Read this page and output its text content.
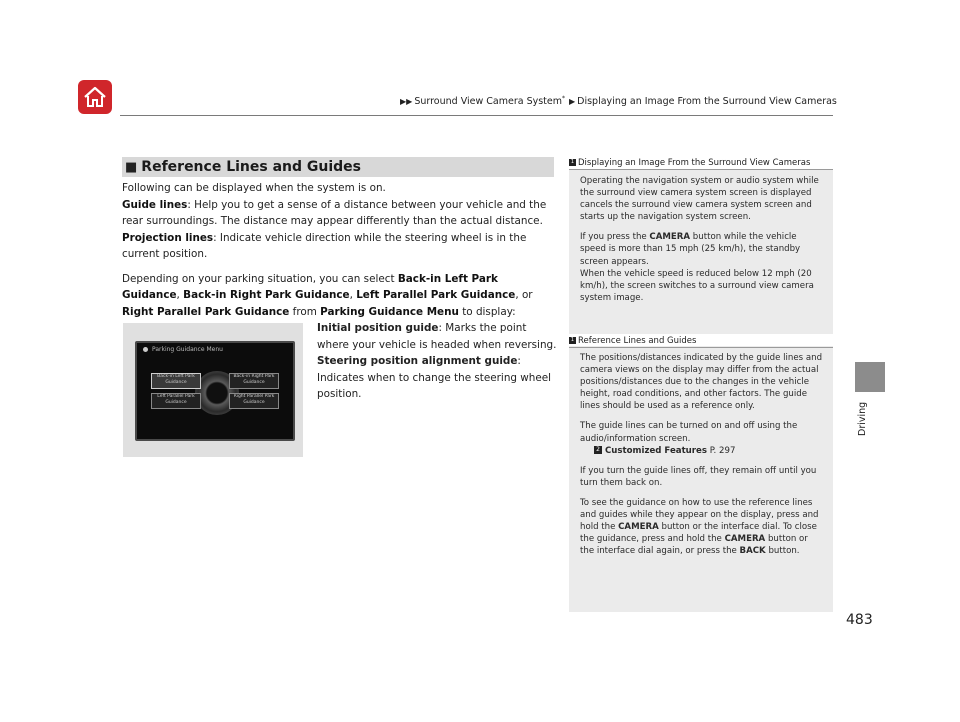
▶▶ Surround View Camera System* ▶ Displaying an Image From the Surround View Cameras
Driving
■ Reference Lines and Guides

Following can be displayed when the system is on.

Guide lines: Help you to get a sense of a distance between your vehicle and the rear surroundings. The distance may appear differently than the actual distance.

Projection lines: Indicate vehicle direction while the steering wheel is in the current position.

Depending on your parking situation, you can select Back-in Left Park Guidance, Back-in Right Park Guidance, Left Parallel Park Guidance, or Right Parallel Park Guidance from Parking Guidance Menu to display:

Parking Guidance Menu
Back-in Left Park Guidance
Back-in Right Park Guidance
Left Parallel Park Guidance
Right Parallel Park Guidance

Initial position guide: Marks the point where your vehicle is headed when reversing.

Steering position alignment guide: Indicates when to change the steering wheel position.

1 Displaying an Image From the Surround View Cameras

Operating the navigation system or audio system while the surround view camera system screen is displayed cancels the surround view camera system screen and starts up the navigation system screen.

If you press the CAMERA button while the vehicle speed is more than 15 mph (25 km/h), the standby screen appears.

When the vehicle speed is reduced below 12 mph (20 km/h), the screen switches to a surround view camera system image.

1 Reference Lines and Guides

The positions/distances indicated by the guide lines and camera views on the display may differ from the actual positions/distances due to the changes in the vehicle height, road conditions, and other factors. The guide lines should be used as a reference only.

The guide lines can be turned on and off using the audio/information screen.

2 Customized Features P. 297

If you turn the guide lines off, they remain off until you turn them back on.

To see the guidance on how to use the reference lines and guides while they appear on the display, press and hold the CAMERA button or the interface dial. To close the guidance, press and hold the CAMERA button or the interface dial again, or press the BACK button.

483
